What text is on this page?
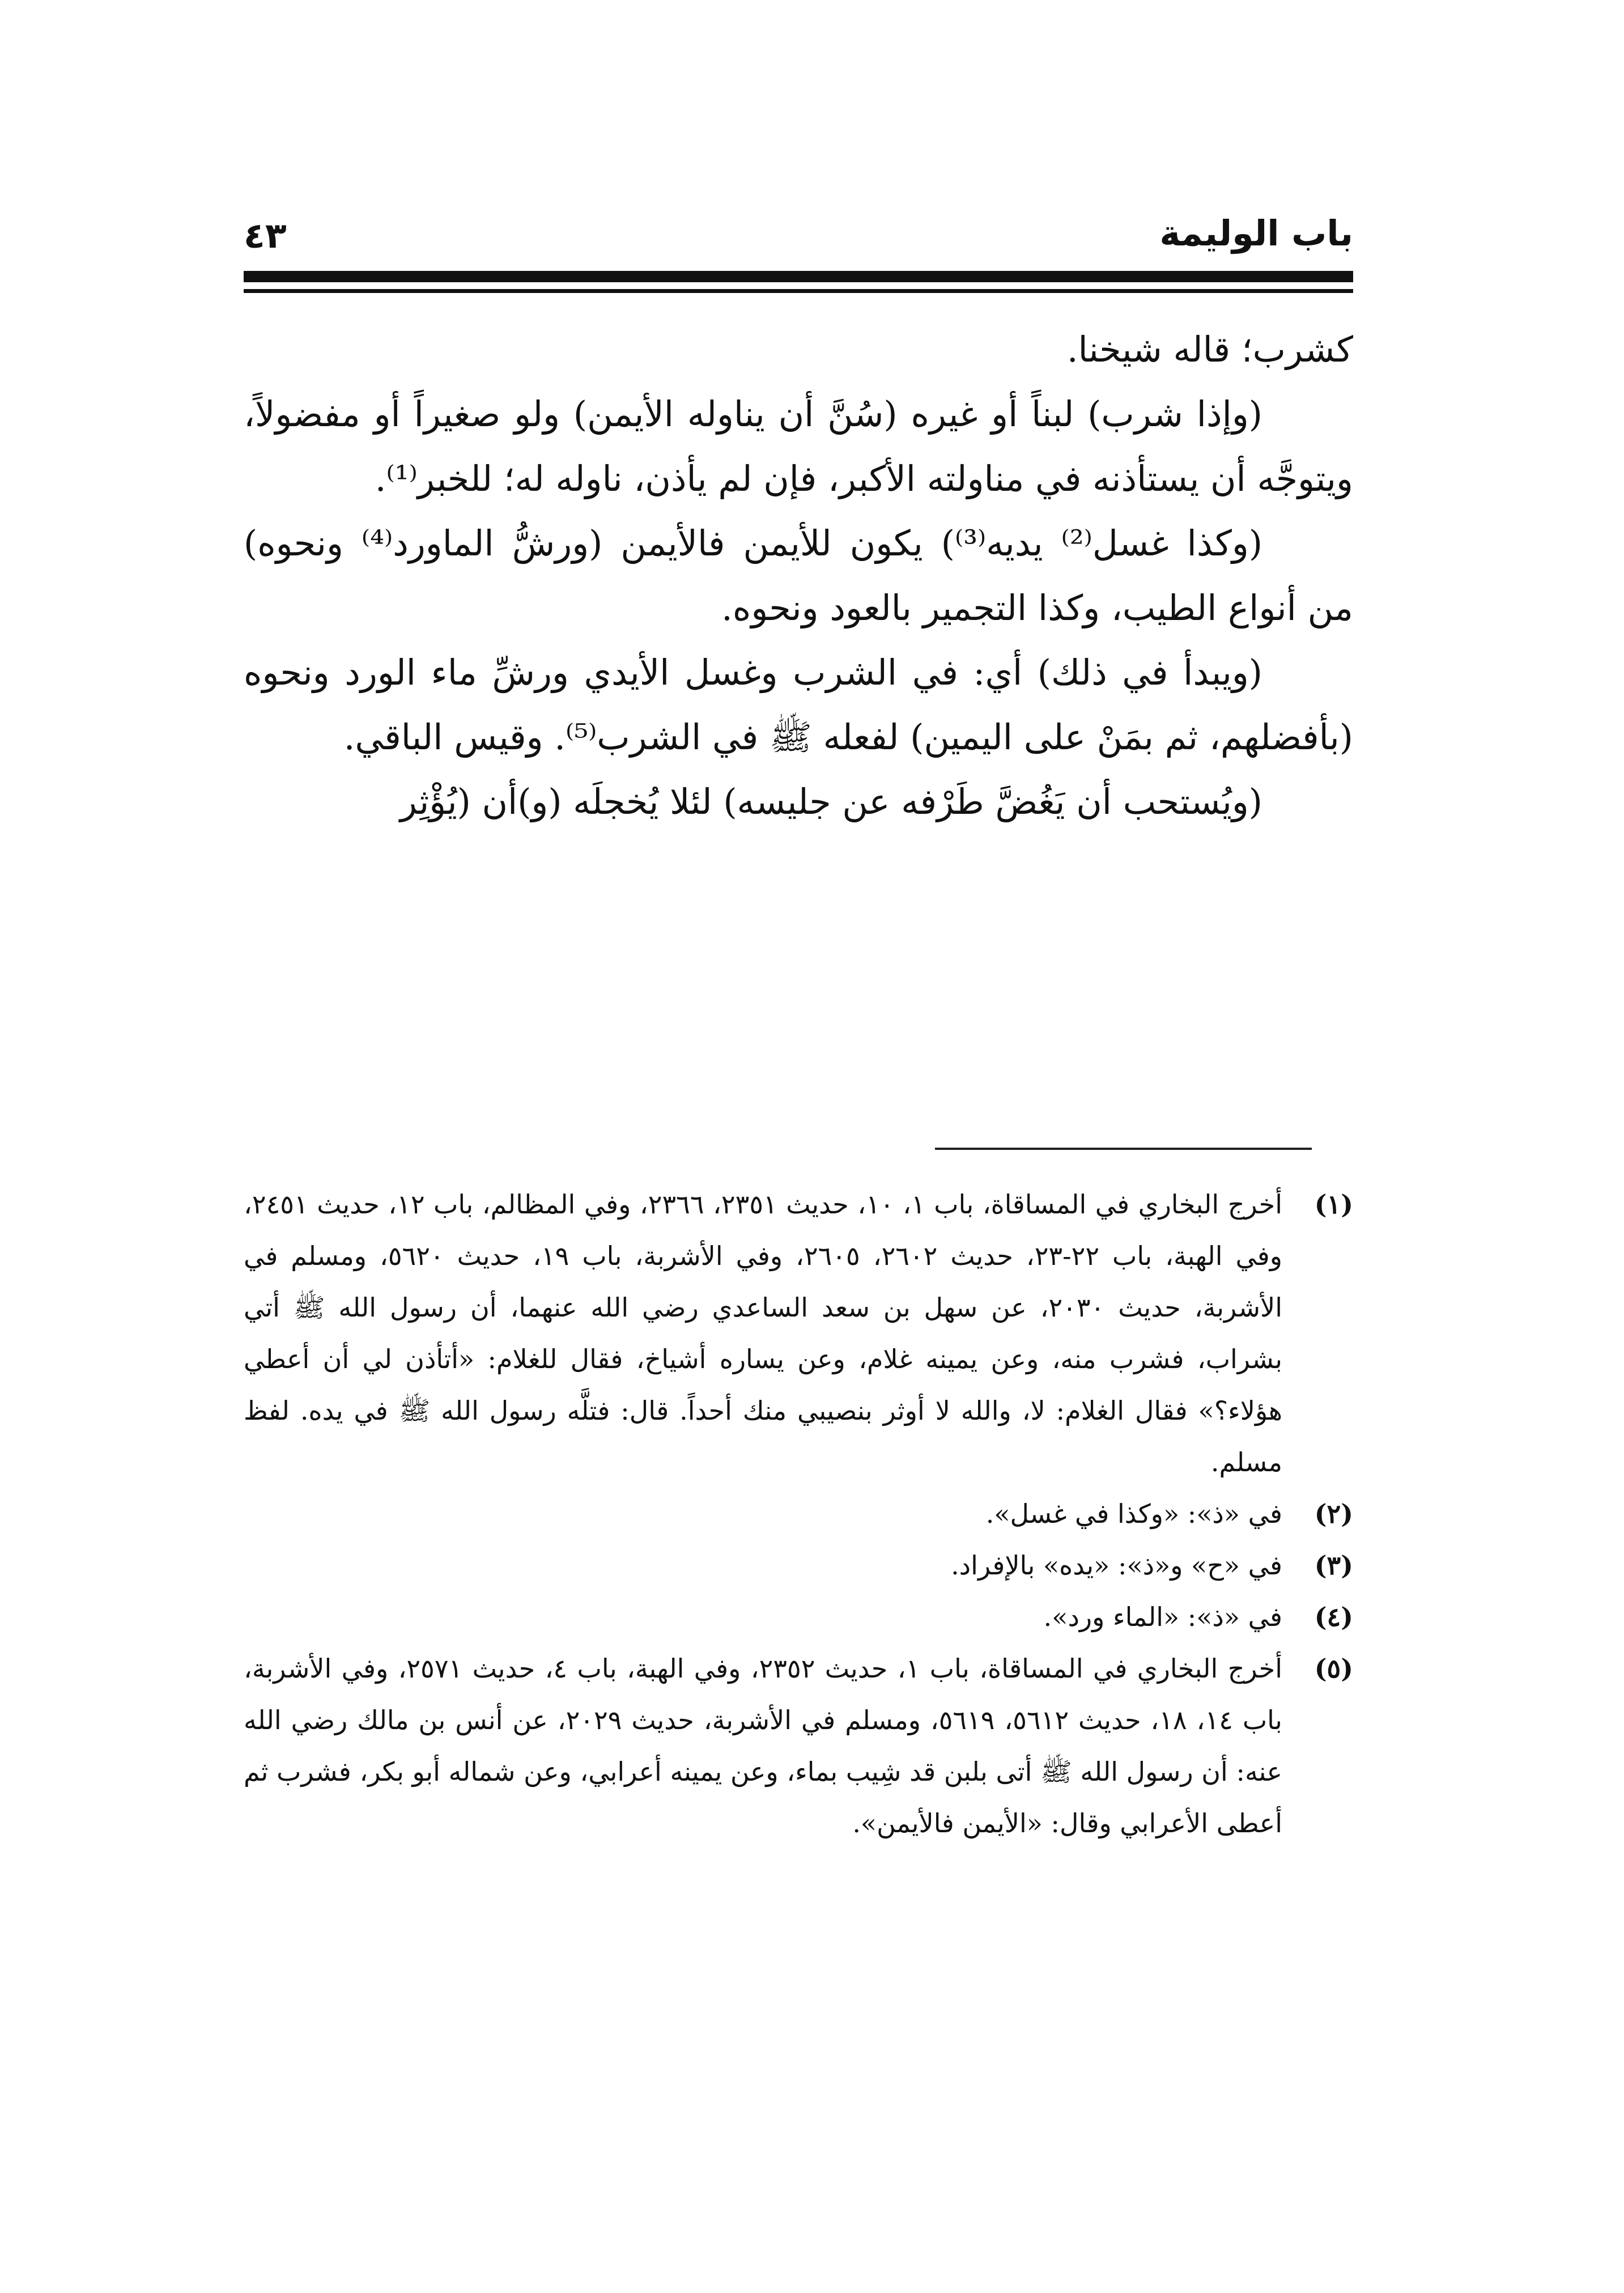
باب الوليمة
٤٣

كشرب؛ قاله شيخنا.

(وإذا شرب) لبناً أو غيره (سُنَّ أن يناوله الأيمن) ولو صغيراً أو مفضولاً، ويتوجَّه أن يستأذنه في مناولته الأكبر، فإن لم يأذن، ناوله له؛ للخبر⁽¹⁾.

(وكذا غسل⁽²⁾ يديه⁽³⁾) يكون للأيمن فالأيمن (ورشُّ الماورد⁽⁴⁾ ونحوه) من أنواع الطيب، وكذا التجمير بالعود ونحوه.

(ويبدأ في ذلك) أي: في الشرب وغسل الأيدي ورشِّ ماء الورد ونحوه (بأفضلهم، ثم بمَنْ على اليمين) لفعله ﷺ في الشرب⁽⁵⁾. وقيس الباقي.

(ويُستحب أن يَغُضَّ طَرْفه عن جليسه) لئلا يُخجلَه (و)أن (يُؤْثِر

(١)
أخرج البخاري في المساقاة، باب ١، ١٠، حديث ٢٣٥١، ٢٣٦٦، وفي المظالم، باب ١٢، حديث ٢٤٥١، وفي الهبة، باب ٢٢-٢٣، حديث ٢٦٠٢، ٢٦٠٥، وفي الأشربة، باب ١٩، حديث ٥٦٢٠، ومسلم في الأشربة، حديث ٢٠٣٠، عن سهل بن سعد الساعدي رضي الله عنهما، أن رسول الله ﷺ أتي بشراب، فشرب منه، وعن يمينه غلام، وعن يساره أشياخ، فقال للغلام: «أتأذن لي أن أعطي هؤلاء؟» فقال الغلام: لا، والله لا أوثر بنصيبي منك أحداً. قال: فتلَّه رسول الله ﷺ في يده. لفظ مسلم.

(٢)
في «ذ»: «وكذا في غسل».

(٣)
في «ح» و«ذ»: «يده» بالإفراد.

(٤)
في «ذ»: «الماء ورد».

(٥)
أخرج البخاري في المساقاة، باب ١، حديث ٢٣٥٢، وفي الهبة، باب ٤، حديث ٢٥٧١، وفي الأشربة، باب ١٤، ١٨، حديث ٥٦١٢، ٥٦١٩، ومسلم في الأشربة، حديث ٢٠٢٩، عن أنس بن مالك رضي الله عنه: أن رسول الله ﷺ أتى بلبن قد شِيب بماء، وعن يمينه أعرابي، وعن شماله أبو بكر، فشرب ثم أعطى الأعرابي وقال: «الأيمن فالأيمن».
